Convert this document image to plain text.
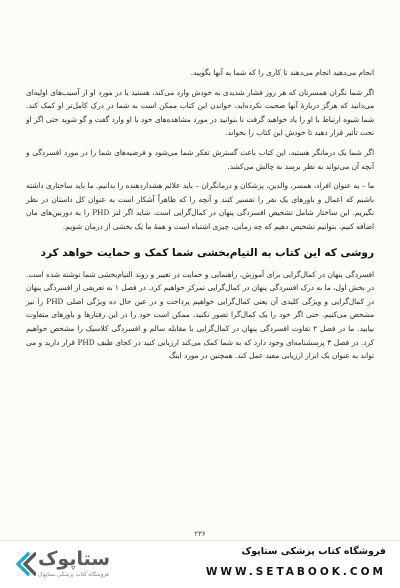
انجام می‌دهید انجام می‌دهند تا کاری را که شما به آنها بگویید.

اگر شما نگران همسرتان که هر روز فشار شدیدی به خودش وارد می‌کند، هستید یا در مورد او از آسیب‌های اولیه‌ای می‌دانید که هرگز درباره‌ٔ آنها صحبت نکرده‌اید، خواندن این کتاب ممکن است به شما در درک کامل‌تر او کمک کند. شما شیوه ارتباط با او را یاد خواهید گرفت تا بتوانید در مورد مشاهده‌های خود با او وارد گفت و گو شوید حتی اگر او تحت تأثیر قرار دهید تا خودش این کتاب را بخواند.

اگر شما یک درمانگر هستید، این کتاب باعث گسترش تفکر شما می‌شود و فرضیه‌های شما را در مورد افسردگی و آنچه آن می‌تواند به نظر برسد به چالش می‌کشد.

ما – به عنوان افراد، همسر، والدین، پزشکان و درمانگران – باید علائم هشداردهنده را بدانیم. ما باید ساختاری داشته باشیم که اعمال و باورهای یک نفر را تفسیر کنند و آنچه را که ظاهراً آشکار است به عنوان کل داستان در نظر نگیریم. این ساختار شامل تشخیص افسردگی پنهان در کمال‌گرایی است. شاید اگر لنز PHD را به دوربین‌های مان اضافه کنیم، بتوانیم تشخیص دهیم که چه زمانی، چیزی اشتباه است و همهٔ ما یک بخشی از درمان شویم.

روشی که این کتاب به التیام‌بخشی شما کمک و حمایت خواهد کرد

افسردگی پنهان در کمال‌گرایی برای آموزش، راهنمایی و حمایت در تغییر و روند التیام‌بخشی شما نوشته شده است. در بخش اول، ما به درک افسردگی پنهان در کمال‌گرایی تمرکز خواهیم کرد. در فصل ۱ به تعریفی از افسردگی پنهان در کمال‌گرایی و ویژگی کلیدی آن یعنی کمال‌گرایی خواهیم پرداخت و در عین حال ده ویژگی اصلی PHD را نیز مشخص می‌کنیم. حتی اگر خود را یک کمال‌گرا تصور نکنید، ممکن است خود را در این رفتارها و باورهای متفاوت بیابید. ما در فصل ۲ تفاوت افسردگی پنهان در کمال‌گرایی با مقابله سالم و افسردگی کلاسیک را مشخص خواهیم کرد. در فصل ۳ پرسشنامه‌ای وجود دارد که به شما کمک می‌کند ارزیابی کنید در کجای طیف PHD قرار دارید و می تواند به عنوان یک ابزار ارزیابی مفید عمل کند. همچنین در مورد اینگ

۲۳۶
ستاپوک
فروشگاه کتاب پزشکی ستاپوک
فروشگاه کتاب پزشکی ستاپوک
WWW.SETABOOK.COM
